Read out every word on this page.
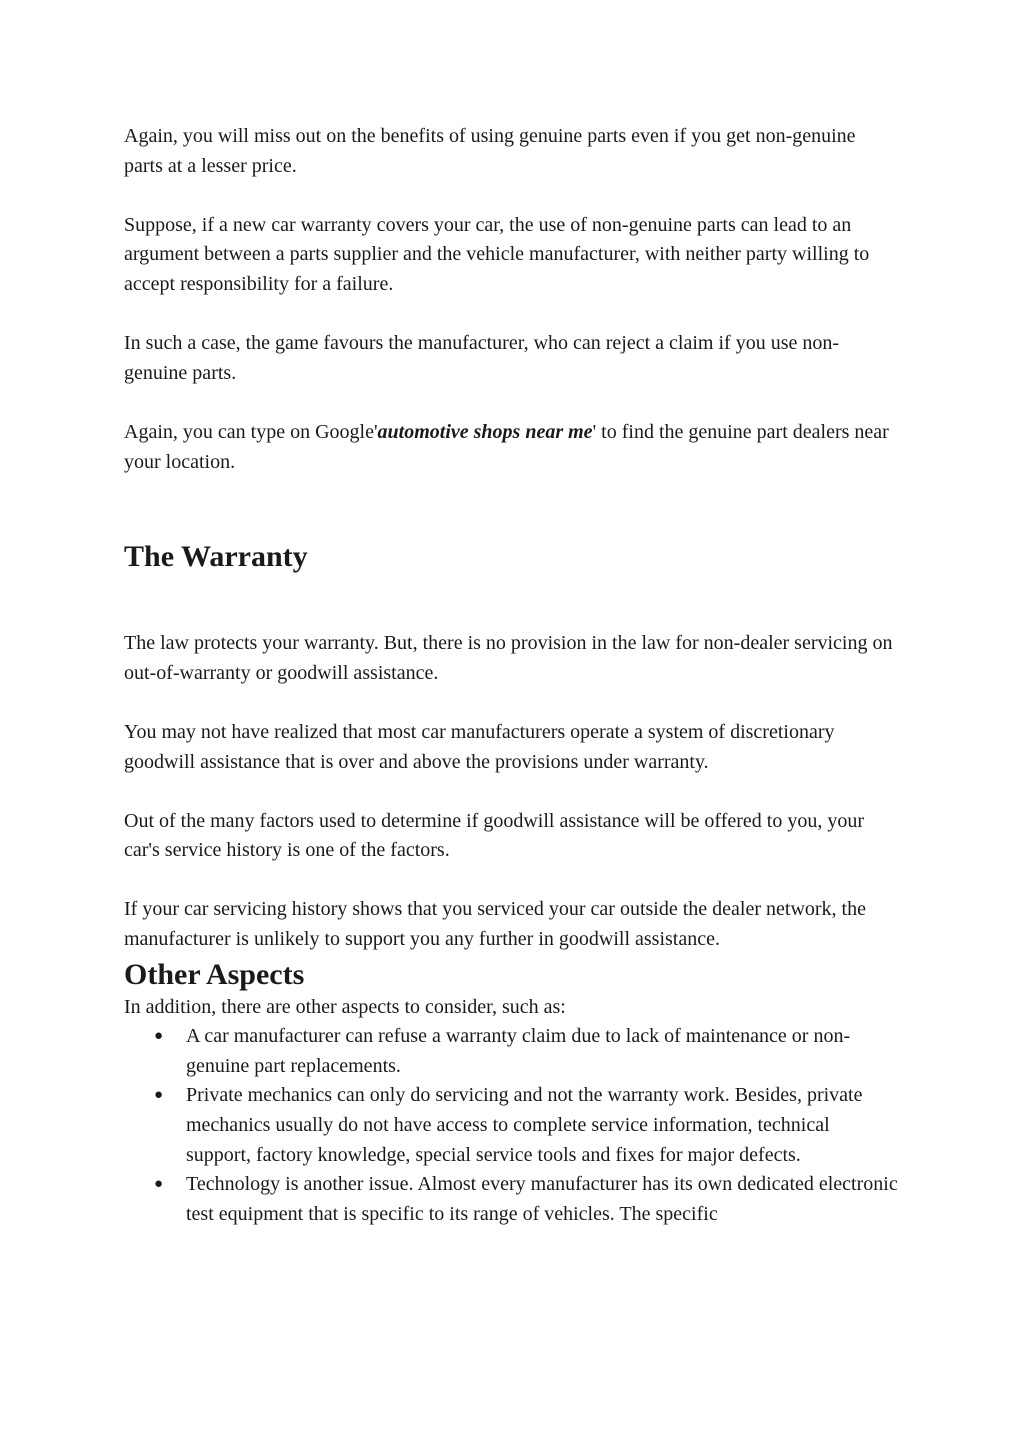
Again, you will miss out on the benefits of using genuine parts even if you get non-genuine parts at a lesser price.

Suppose, if a new car warranty covers your car, the use of non-genuine parts can lead to an argument between a parts supplier and the vehicle manufacturer, with neither party willing to accept responsibility for a failure.

In such a case, the game favours the manufacturer, who can reject a claim if you use non-genuine parts.

Again, you can type on Google'automotive shops near me' to find the genuine part dealers near your location.

The Warranty

The law protects your warranty. But, there is no provision in the law for non-dealer servicing on out-of-warranty or goodwill assistance.

You may not have realized that most car manufacturers operate a system of discretionary goodwill assistance that is over and above the provisions under warranty.

Out of the many factors used to determine if goodwill assistance will be offered to you, your car's service history is one of the factors.

If your car servicing history shows that you serviced your car outside the dealer network, the manufacturer is unlikely to support you any further in goodwill assistance.

Other Aspects

In addition, there are other aspects to consider, such as:

● A car manufacturer can refuse a warranty claim due to lack of maintenance or non-genuine part replacements.
● Private mechanics can only do servicing and not the warranty work. Besides, private mechanics usually do not have access to complete service information, technical support, factory knowledge, special service tools and fixes for major defects.
● Technology is another issue. Almost every manufacturer has its own dedicated electronic test equipment that is specific to its range of vehicles. The specific
